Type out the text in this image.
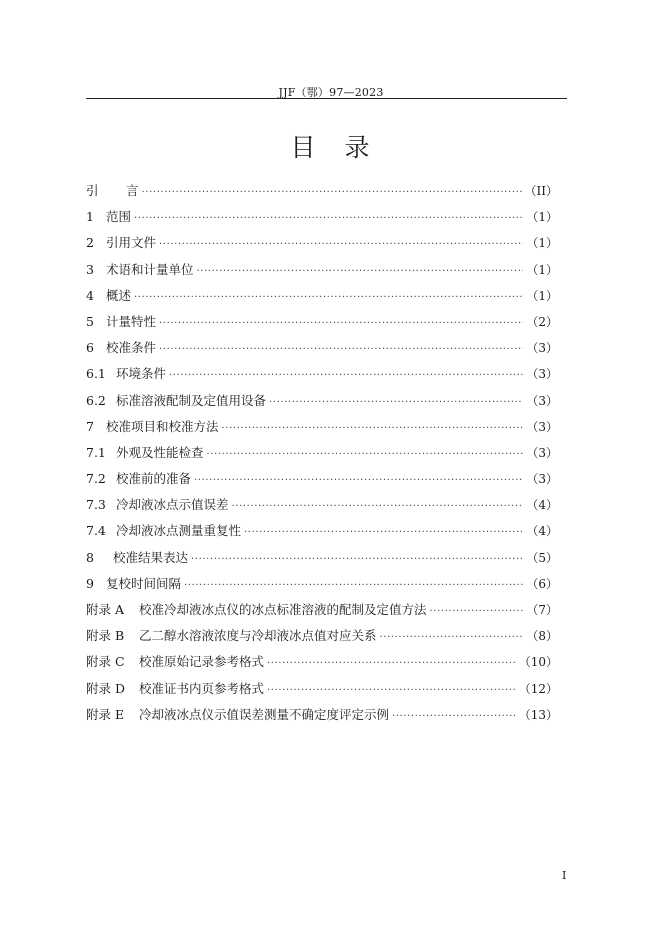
JJF（鄂）97—2023
目　录
引	言 ·····	（II）
1 范围 ·····	（1）
2 引用文件 ·····	（1）
3 术语和计量单位 ·····	（1）
4 概述 ·····	（1）
5 计量特性 ·····	（2）
6 校准条件 ·····	（3）
6.1 环境条件 ·····	（3）
6.2 标准溶液配制及定值用设备 ·····	（3）
7 校准项目和校准方法 ·····	（3）
7.1 外观及性能检查 ·····	（3）
7.2 校准前的准备 ·····	（3）
7.3 冷却液冰点示值误差 ·····	（4）
7.4 冷却液冰点测量重复性 ·····	（4）
8	校准结果表达 ·····	（5）
9 复校时间间隔 ·····	（6）
附录 A	校准冷却液冰点仪的冰点标准溶液的配制及定值方法 ·····	（7）
附录 B	乙二醇水溶液浓度与冷却液冰点值对应关系 ·····	（8）
附录 C	校准原始记录参考格式 ·····	（10）
附录 D	校准证书内页参考格式 ·····	（12）
附录 E	冷却液冰点仪示值误差测量不确定度评定示例 ·····	（13）
I
